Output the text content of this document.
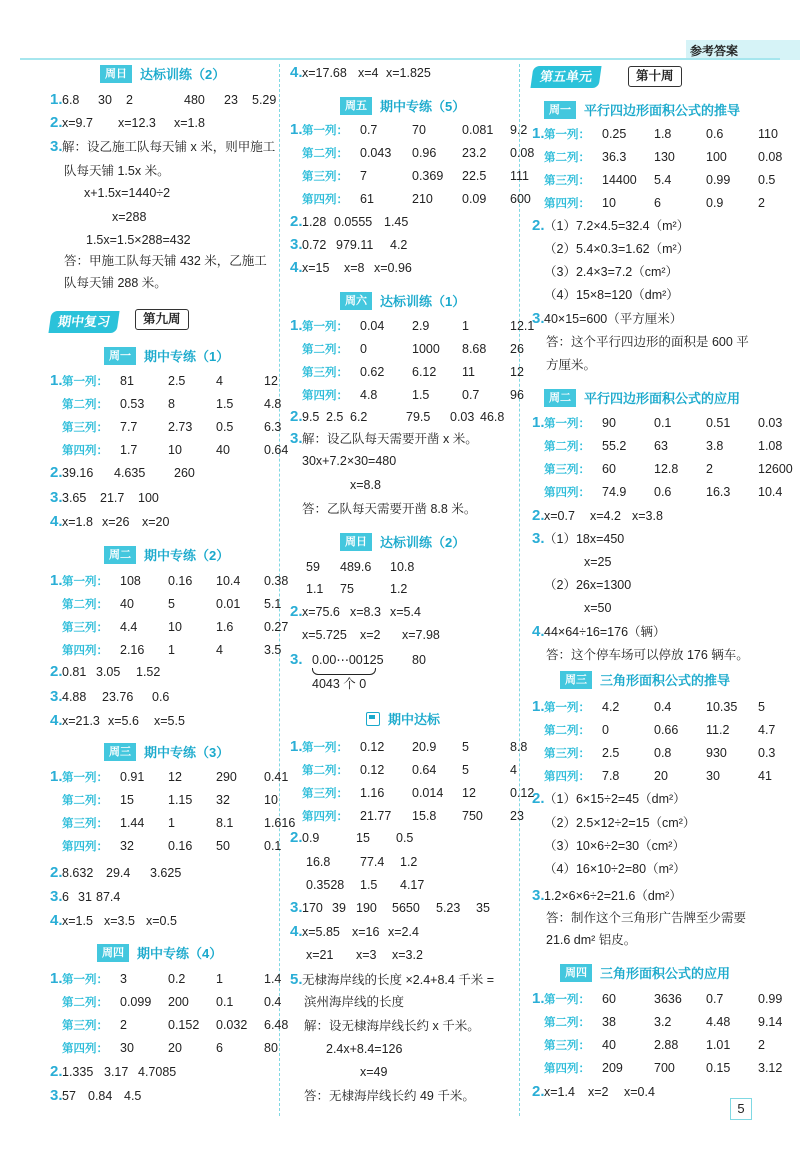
参考答案
周日	达标训练（2）
1.6.8 30 2	480 23 5.29
2.x=9.7 x=12.3 x=1.8
3.解：设乙施工队每天铺 x 米，则甲施工
队每天铺 1.5x 米。
x+1.5x=1440÷2
x=288
1.5x=1.5×288=432
答：甲施工队每天铺 432 米，乙施工
队每天铺 288 米。
期中复习	第九周
周一	期中专练（1）
1.第一列： 81	2.5 4	12
第二列： 0.53 8	1.5 4.8
第三列： 7.7 2.73 0.5 6.3
第四列： 1.7 10	40	0.64
2.39.16 4.635 260
3.3.65 21.7 100
4.x=1.8 x=26 x=20
周二	期中专练（2）
1.第一列： 108 0.16 10.4 0.38
第二列： 40	5	0.01 5.1
第三列： 4.4 10	1.6 0.27
第四列： 2.16 1	4	3.5
2.0.81 3.05 1.52
3.4.88 23.76 0.6
4.x=21.3 x=5.6 x=5.5
周三	期中专练（3）
1.第一列： 0.91 12	290 0.41
第二列： 15	1.15 32	10
第三列： 1.44 1	8.1 1.616
第四列： 32	0.16 50	0.1
2.8.632 29.4 3.625
3.6 31 87.4
4.x=1.5 x=3.5 x=0.5
周四	期中专练（4）
1.第一列： 3	0.2 1	1.4
第二列： 0.099 200 0.1 0.4
第三列： 2	0.152 0.032 6.48
第四列： 30	20	6	80
2.1.335 3.17 4.7085
3.57 0.84 4.5
4.x=17.68 x=4 x=1.825
周五	期中专练（5）
1.第一列： 0.7	70	0.081 9.2
第二列： 0.043 0.96 23.2 0.08
第三列： 7	0.369 22.5 111
第四列： 61	210 0.09 600
2.1.28 0.0555 1.45
3.0.72 979.11 4.2
4.x=15 x=8 x=0.96
周六	达标训练（1）
1.第一列： 0.04 2.9	1	12.1
第二列： 0	1000 8.68 26
第三列： 0.62 6.12 11	12
第四列： 4.8	1.5	0.7 96
2.9.5 2.5 6.2	79.5 0.03 46.8
3.解：设乙队每天需要开凿 x 米。
30x+7.2×30=480
x=8.8
答：乙队每天需要开凿 8.8 米。
周日	达标训练（2）
59 489.6 10.8
1.1 75	1.2
2.x=75.6 x=8.3 x=5.4
x=5.725 x=2 x=7.98
3. 0.00⋯00125 80
4043 个 0
期中达标
1.第一列： 0.12 20.9 5	8.8
第二列： 0.12 0.64 5	4
第三列： 1.16 0.014 12	0.12
第四列： 21.77 15.8 750 23
2.0.9	15 0.5
16.8 77.4 1.2
0.3528 1.5 4.17
3.170 39 190 5650 5.23 35
4.x=5.85 x=16 x=2.4
x=21 x=3 x=3.2
5.无棣海岸线的长度 ×2.4+8.4 千米 =
滨州海岸线的长度
解：设无棣海岸线长约 x 千米。
2.4x+8.4=126
x=49
答：无棣海岸线长约 49 千米。
第五单元	第十周
周一	平行四边形面积公式的推导
1.第一列： 0.25 1.8	0.6	110
第二列： 36.3 130 100 0.08
第三列： 14400 5.4	0.99 0.5
第四列： 10	6	0.9	2
2.（1）7.2×4.5=32.4（m²）
（2）5.4×0.3=1.62（m²）
（3）2.4×3=7.2（cm²）
（4）15×8=120（dm²）
3.40×15=600（平方厘米）
答：这个平行四边形的面积是 600 平
方厘米。
周二	平行四边形面积公式的应用
1.第一列： 90	0.1	0.51 0.03
第二列： 55.2 63	3.8	1.08
第三列： 60	12.8 2	12600
第四列： 74.9 0.6	16.3 10.4
2.x=0.7 x=4.2 x=3.8
3.（1）18x=450
x=25
（2）26x=1300
x=50
4.44×64÷16=176（辆）
答：这个停车场可以停放 176 辆车。
周三	三角形面积公式的推导
1.第一列： 4.2	0.4	10.35 5
第二列： 0	0.66 11.2 4.7
第三列： 2.5	0.8	930 0.3
第四列： 7.8	20	30	41
2.（1）6×15÷2=45（dm²）
（2）2.5×12÷2=15（cm²）
（3）10×6÷2=30（cm²）
（4）16×10÷2=80（m²）
3.1.2×6×6÷2=21.6（dm²）
答：制作这个三角形广告牌至少需要
21.6 dm² 铝皮。
周四	三角形面积公式的应用
1.第一列： 60	3636 0.7	0.99
第二列： 38	3.2	4.48 9.14
第三列： 40	2.88 1.01 2
第四列： 209 700 0.15 3.12
2.x=1.4 x=2 x=0.4
5
